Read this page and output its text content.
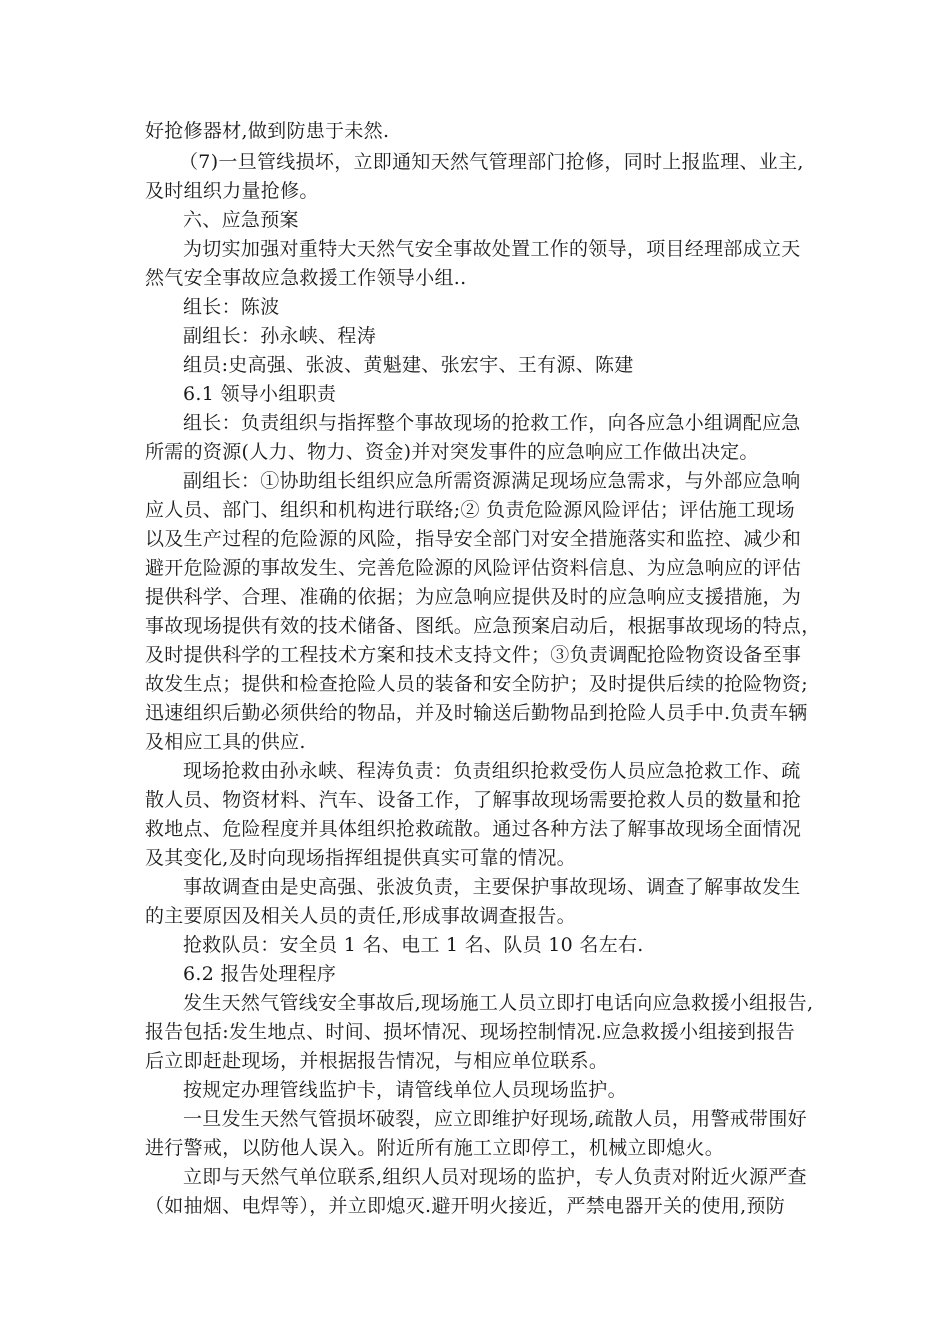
好抢修器材,做到防患于未然.
（7)一旦管线损坏，立即通知天然气管理部门抢修，同时上报监理、业主,
及时组织力量抢修。
六、应急预案
为切实加强对重特大天然气安全事故处置工作的领导，项目经理部成立天
然气安全事故应急救援工作领导小组..
组长：陈波
副组长：孙永峡、程涛
组员:史高强、张波、黄魁建、张宏宇、王有源、陈建
6.1 领导小组职责
组长：负责组织与指挥整个事故现场的抢救工作，向各应急小组调配应急
所需的资源(人力、物力、资金)并对突发事件的应急响应工作做出决定。
副组长：①协助组长组织应急所需资源满足现场应急需求，与外部应急响
应人员、部门、组织和机构进行联络;② 负责危险源风险评估；评估施工现场
以及生产过程的危险源的风险，指导安全部门对安全措施落实和监控、减少和
避开危险源的事故发生、完善危险源的风险评估资料信息、为应急响应的评估
提供科学、合理、准确的依据；为应急响应提供及时的应急响应支援措施，为
事故现场提供有效的技术储备、图纸。应急预案启动后，根据事故现场的特点，
及时提供科学的工程技术方案和技术支持文件；③负责调配抢险物资设备至事
故发生点；提供和检查抢险人员的装备和安全防护；及时提供后续的抢险物资;
迅速组织后勤必须供给的物品，并及时输送后勤物品到抢险人员手中.负责车辆
及相应工具的供应.
现场抢救由孙永峡、程涛负责：负责组织抢救受伤人员应急抢救工作、疏
散人员、物资材料、汽车、设备工作，了解事故现场需要抢救人员的数量和抢
救地点、危险程度并具体组织抢救疏散。通过各种方法了解事故现场全面情况
及其变化,及时向现场指挥组提供真实可靠的情况。
事故调查由是史高强、张波负责，主要保护事故现场、调查了解事故发生
的主要原因及相关人员的责任,形成事故调查报告。
抢救队员：安全员 1 名、电工 1 名、队员 10 名左右.
6.2 报告处理程序
发生天然气管线安全事故后,现场施工人员立即打电话向应急救援小组报告,
报告包括:发生地点、时间、损坏情况、现场控制情况.应急救援小组接到报告
后立即赶赴现场，并根据报告情况，与相应单位联系。
按规定办理管线监护卡，请管线单位人员现场监护。
一旦发生天然气管损坏破裂，应立即维护好现场,疏散人员，用警戒带围好
进行警戒，以防他人误入。附近所有施工立即停工，机械立即熄火。
立即与天然气单位联系,组织人员对现场的监护，专人负责对附近火源严查
（如抽烟、电焊等），并立即熄灭.避开明火接近，严禁电器开关的使用,预防
